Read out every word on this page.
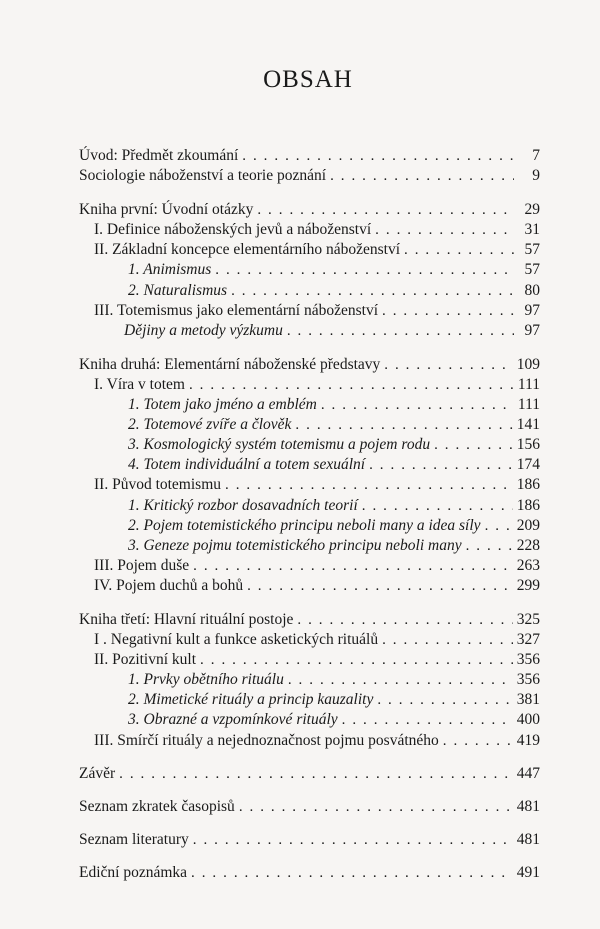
OBSAH
Úvod: Předmět zkoumání . . .	7
Sociologie náboženství a teorie poznání . . .	9
Kniha první: Úvodní otázky . . .	29
I. Definice náboženských jevů a náboženství . . .	31
II. Základní koncepce elementárního náboženství . . .	57
1. Animismus . . .	57
2. Naturalismus . . .	80
III. Totemismus jako elementární náboženství . . .	97
Dějiny a metody výzkumu . . .	97
Kniha druhá: Elementární náboženské představy . . .	109
I. Víra v totem . . .	111
1. Totem jako jméno a emblém . . .	111
2. Totemové zvíře a člověk . . .	141
3. Kosmologický systém totemismu a pojem rodu . . .	156
4. Totem individuální a totem sexuální . . .	174
II. Původ totemismu . . .	186
1. Kritický rozbor dosavadních teorií . . .	186
2. Pojem totemistického principu neboli many a idea síly . . . 209
3. Geneze pojmu totemistického principu neboli many . . .	228
III. Pojem duše . . .	263
IV. Pojem duchů a bohů . . .	299
Kniha třetí: Hlavní rituální postoje . . .	325
I . Negativní kult a funkce asketických rituálů . . .	327
II. Pozitivní kult . . .	356
1. Prvky obětního rituálu . . .	356
2. Mimetické rituály a princip kauzality . . .	381
3. Obrazné a vzpomínkové rituály . . .	400
III. Smírčí rituály a nejednoznačnost pojmu posvátného . . .	419
Závěr . . .	447
Seznam zkratek časopisů . . .	481
Seznam literatury . . .	481
Ediční poznámka . . .	491
